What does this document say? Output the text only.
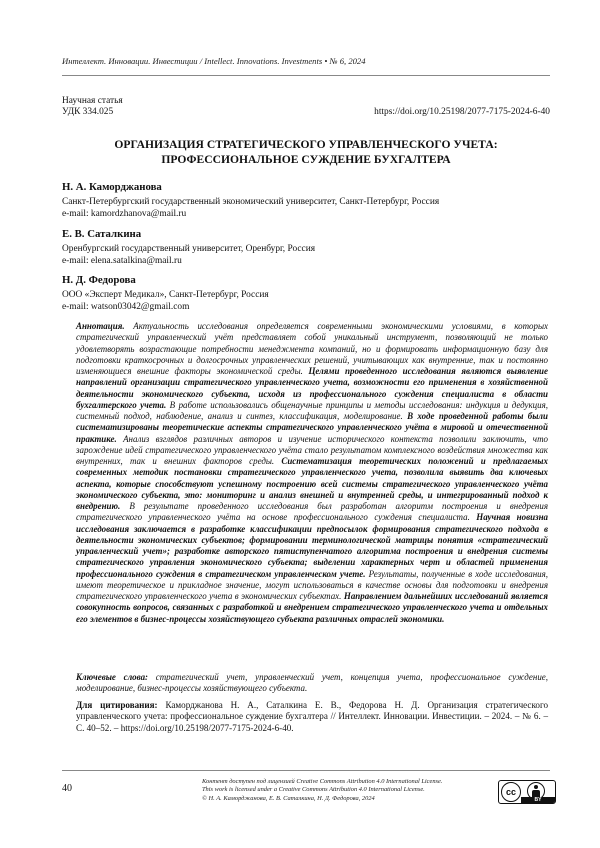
Интеллект. Инновации. Инвестиции / Intellect. Innovations. Investments • № 6, 2024
Научная статья
УДК 334.025	https://doi.org/10.25198/2077-7175-2024-6-40
ОРГАНИЗАЦИЯ СТРАТЕГИЧЕСКОГО УПРАВЛЕНЧЕСКОГО УЧЕТА:
ПРОФЕССИОНАЛЬНОЕ СУЖДЕНИЕ БУХГАЛТЕРА
Н. А. Каморджанова
Санкт-Петербургский государственный экономический университет, Санкт-Петербург, Россия
e-mail: kamordzhanova@mail.ru
Е. В. Саталкина
Оренбургский государственный университет, Оренбург, Россия
e-mail: elena.satalkina@mail.ru
Н. Д. Федорова
ООО «Эксперт Медикал», Санкт-Петербург, Россия
e-mail: watson03042@gmail.com
Аннотация. Актуальность исследования определяется современными экономическими условиями, в которых стратегический управленческий учёт представляет собой уникальный инструмент, позволяющий не только удовлетворять возрастающие потребности менеджмента компаний, но и формировать информационную базу для подготовки краткосрочных и долгосрочных управленческих решений, учитывающих как внутренние, так и постоянно изменяющиеся внешние факторы экономической среды. Целями проведенного исследования являются выявление направлений организации стратегического управленческого учета, возможности его применения в хозяйственной деятельности экономического субъекта, исходя из профессионального суждения специалиста в области бухгалтерского учета. В работе использовались общенаучные принципы и методы исследования: индукция и дедукция, системный подход, наблюдение, анализ и синтез, классификация, моделирование. В ходе проведенной работы были систематизированы теоретические аспекты стратегического управленческого учёта в мировой и отечественной практике. Анализ взглядов различных авторов и изучение исторического контекста позволили заключить, что зарождение идей стратегического управленческого учёта стало результатом комплексного воздействия множества как внутренних, так и внешних факторов среды. Систематизация теоретических положений и предлагаемых современных методик постановки стратегического управленческого учета, позволила выявить два ключевых аспекта, которые способствуют успешному построению всей системы стратегического управленческого учёта экономического субъекта, это: мониторинг и анализ внешней и внутренней среды, и интегрированный подход к внедрению. В результате проведенного исследования был разработан алгоритм построения и внедрения стратегического управленческого учёта на основе профессионального суждения специалиста. Научная новизна исследования заключается в разработке классификации предпосылок формирования стратегического подхода в деятельности экономических субъектов; формировании терминологической матрицы понятия «стратегический управленческий учет»; разработке авторского пятиступенчатого алгоритма построения и внедрения системы стратегического управления экономического субъекта; выделении характерных черт и областей применения профессионального суждения в стратегическом управленческом учете. Результаты, полученные в ходе исследования, имеют теоретическое и прикладное значение, могут использоваться в качестве основы для подготовки и внедрения стратегического управленческого учета в экономических субъектах. Направлением дальнейших исследований является совокупность вопросов, связанных с разработкой и внедрением стратегического управленческого учета и отдельных его элементов в бизнес-процессы хозяйствующего субъекта различных отраслей экономики.
Ключевые слова: стратегический учет, управленческий учет, концепция учета, профессиональное суждение, моделирование, бизнес-процессы хозяйствующего субъекта.
Для цитирования: Каморджанова Н. А., Саталкина Е. В., Федорова Н. Д. Организация стратегического управленческого учета: профессиональное суждение бухгалтера // Интеллект. Инновации. Инвестиции. – 2024. – № 6. – С. 40–52. – https://doi.org/10.25198/2077-7175-2024-6-40.
40
Контент доступен под лицензией Creative Commons Attribution 4.0 International License.
This work is licensed under a Creative Commons Attribution 4.0 International License.
© Н. А. Каморджанова, Е. В. Саталкина, Н. Д. Федорова, 2024
cc
BY
